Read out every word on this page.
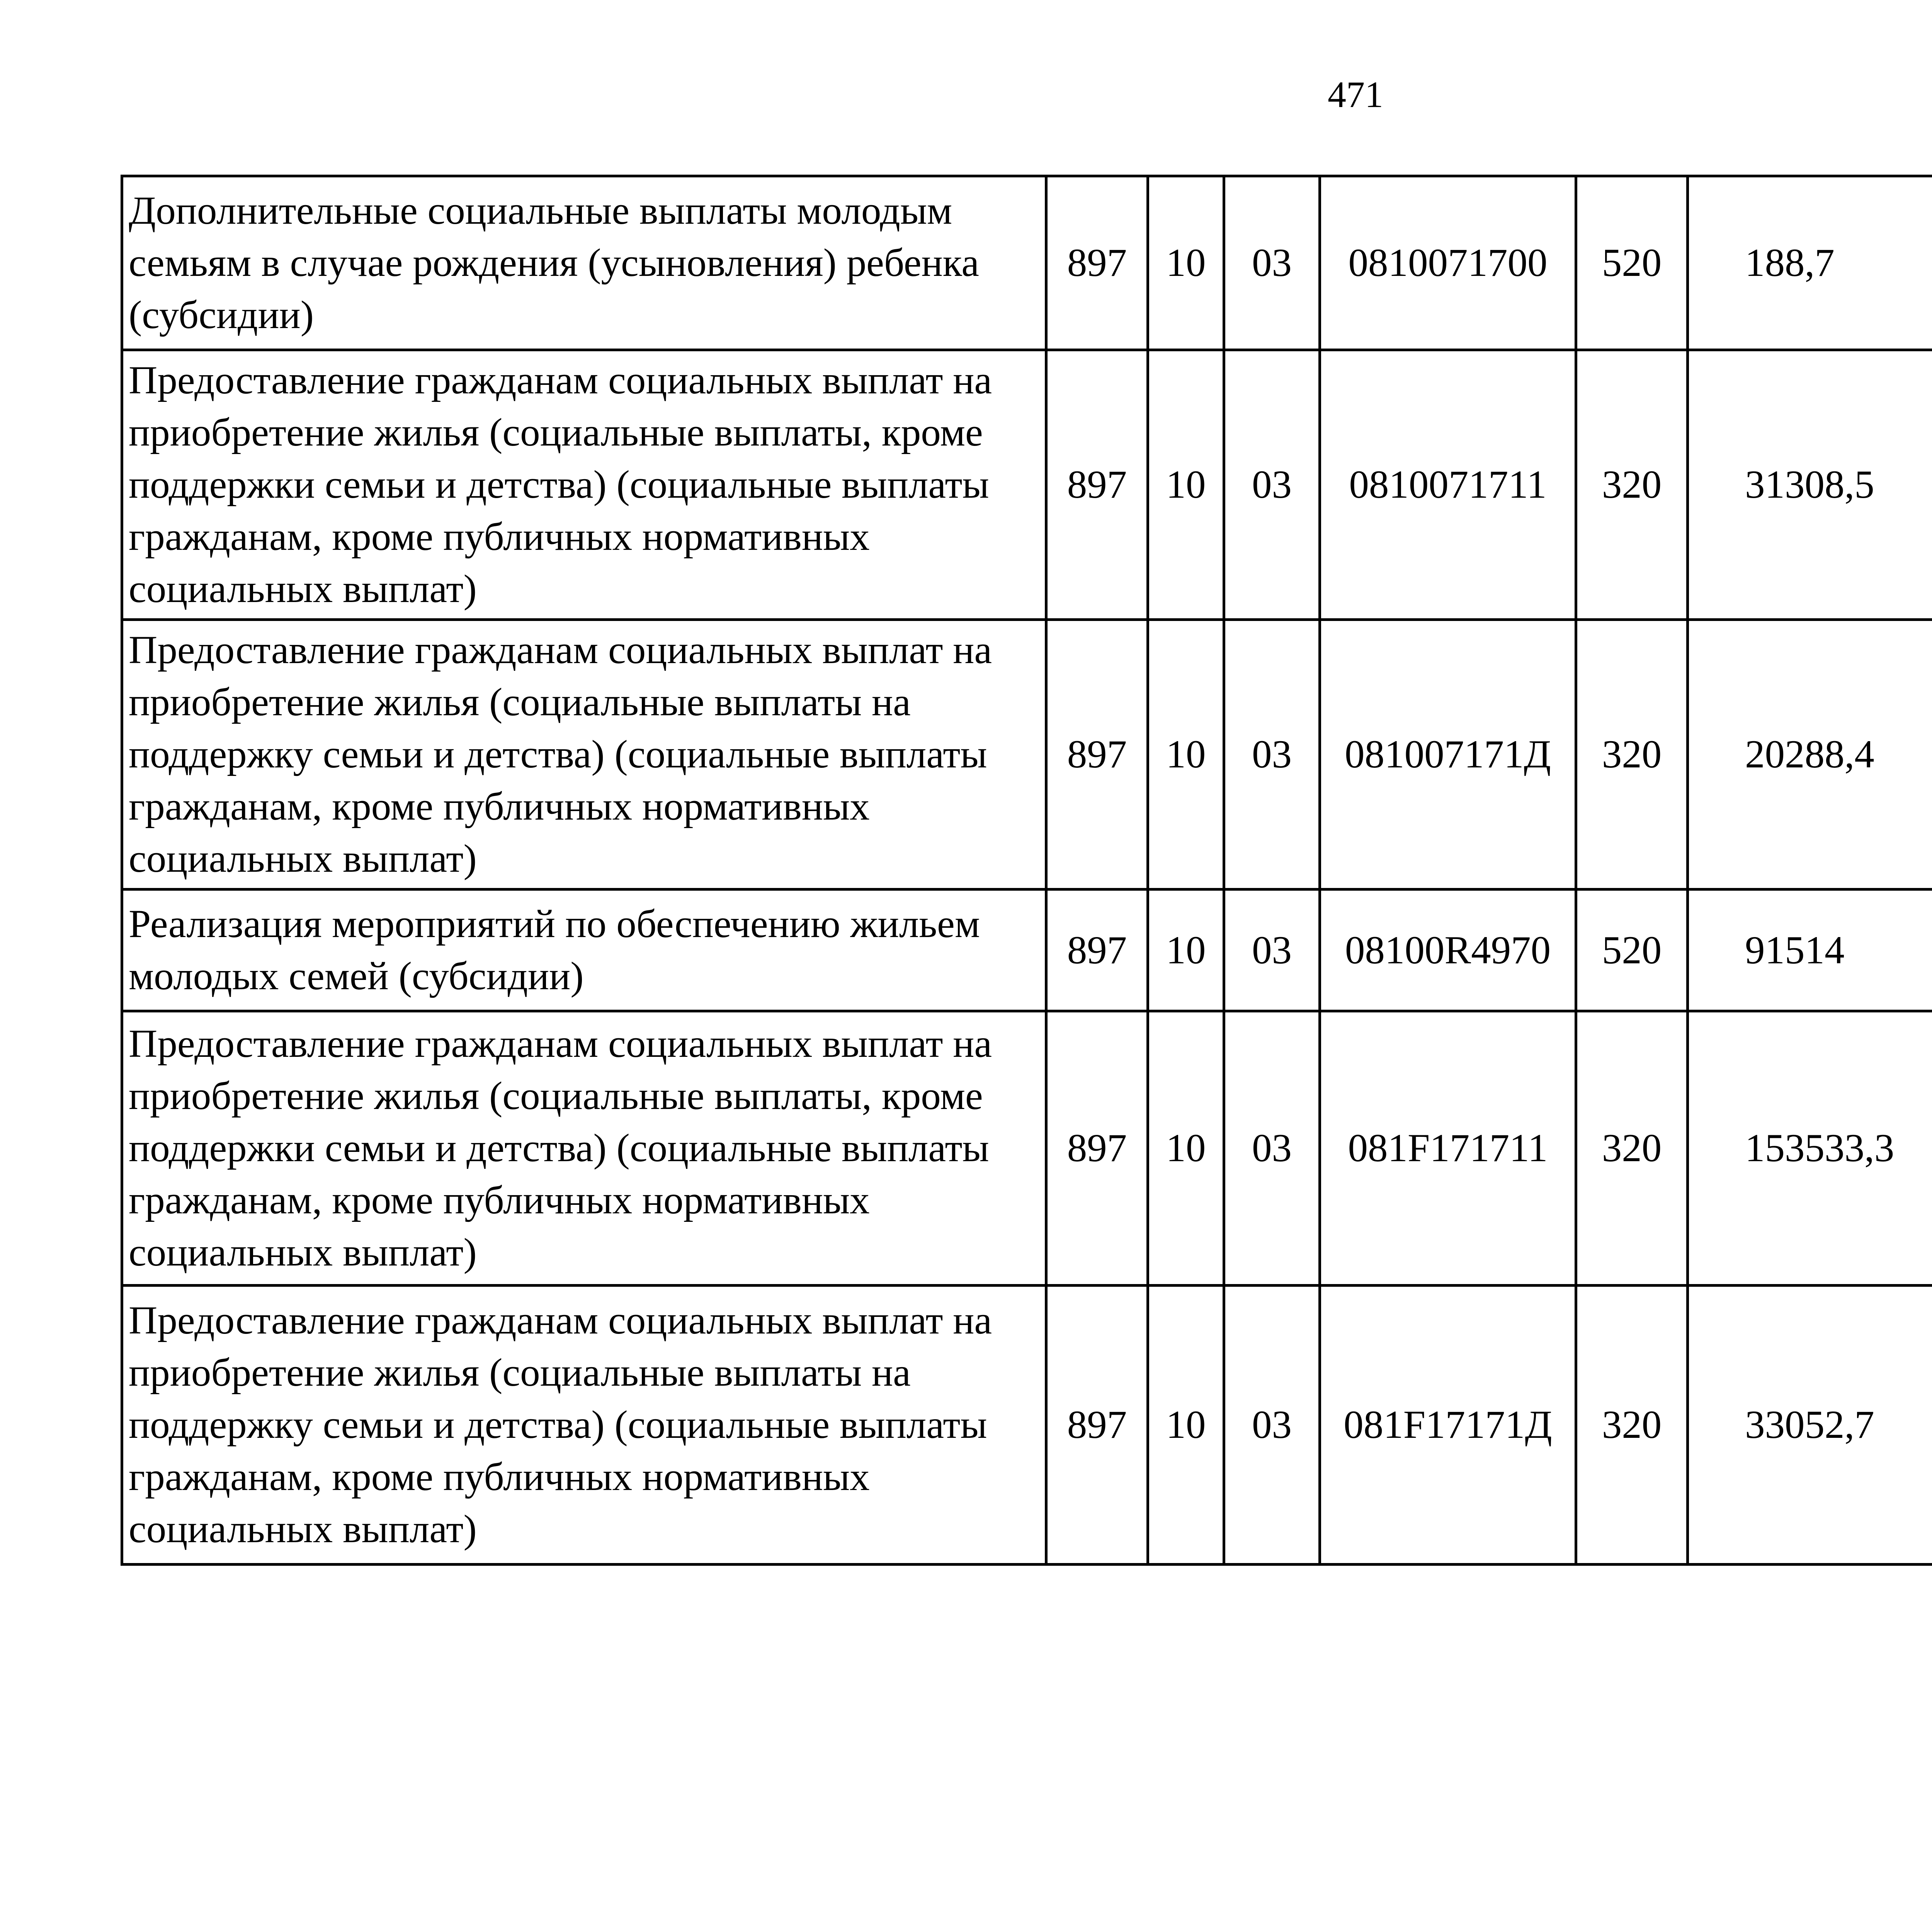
471
Дополнительные социальные выплаты молодым семьям в случае рождения (усыновления) ребенка (субсидии)	897	10	03	0810071700	520	188,7		
Предоставление гражданам социальных выплат на приобретение жилья (социальные выплаты, кроме поддержки семьи и детства) (социальные выплаты гражданам, кроме публичных нормативных социальных выплат)	897	10	03	0810071711	320	31308,5		
Предоставление гражданам социальных выплат на приобретение жилья (социальные выплаты на поддержку семьи и детства) (социальные выплаты гражданам, кроме публичных нормативных социальных выплат)	897	10	03	081007171Д	320	20288,4		
Реализация мероприятий по обеспечению жильем молодых семей (субсидии)	897	10	03	08100R4970	520	91514		
Предоставление гражданам социальных выплат на приобретение жилья (социальные выплаты, кроме поддержки семьи и детства) (социальные выплаты гражданам, кроме публичных нормативных социальных выплат)	897	10	03	081F171711	320	153533,3		
Предоставление гражданам социальных выплат на приобретение жилья (социальные выплаты на поддержку семьи и детства) (социальные выплаты гражданам, кроме публичных нормативных социальных выплат)	897	10	03	081F17171Д	320	33052,7		
